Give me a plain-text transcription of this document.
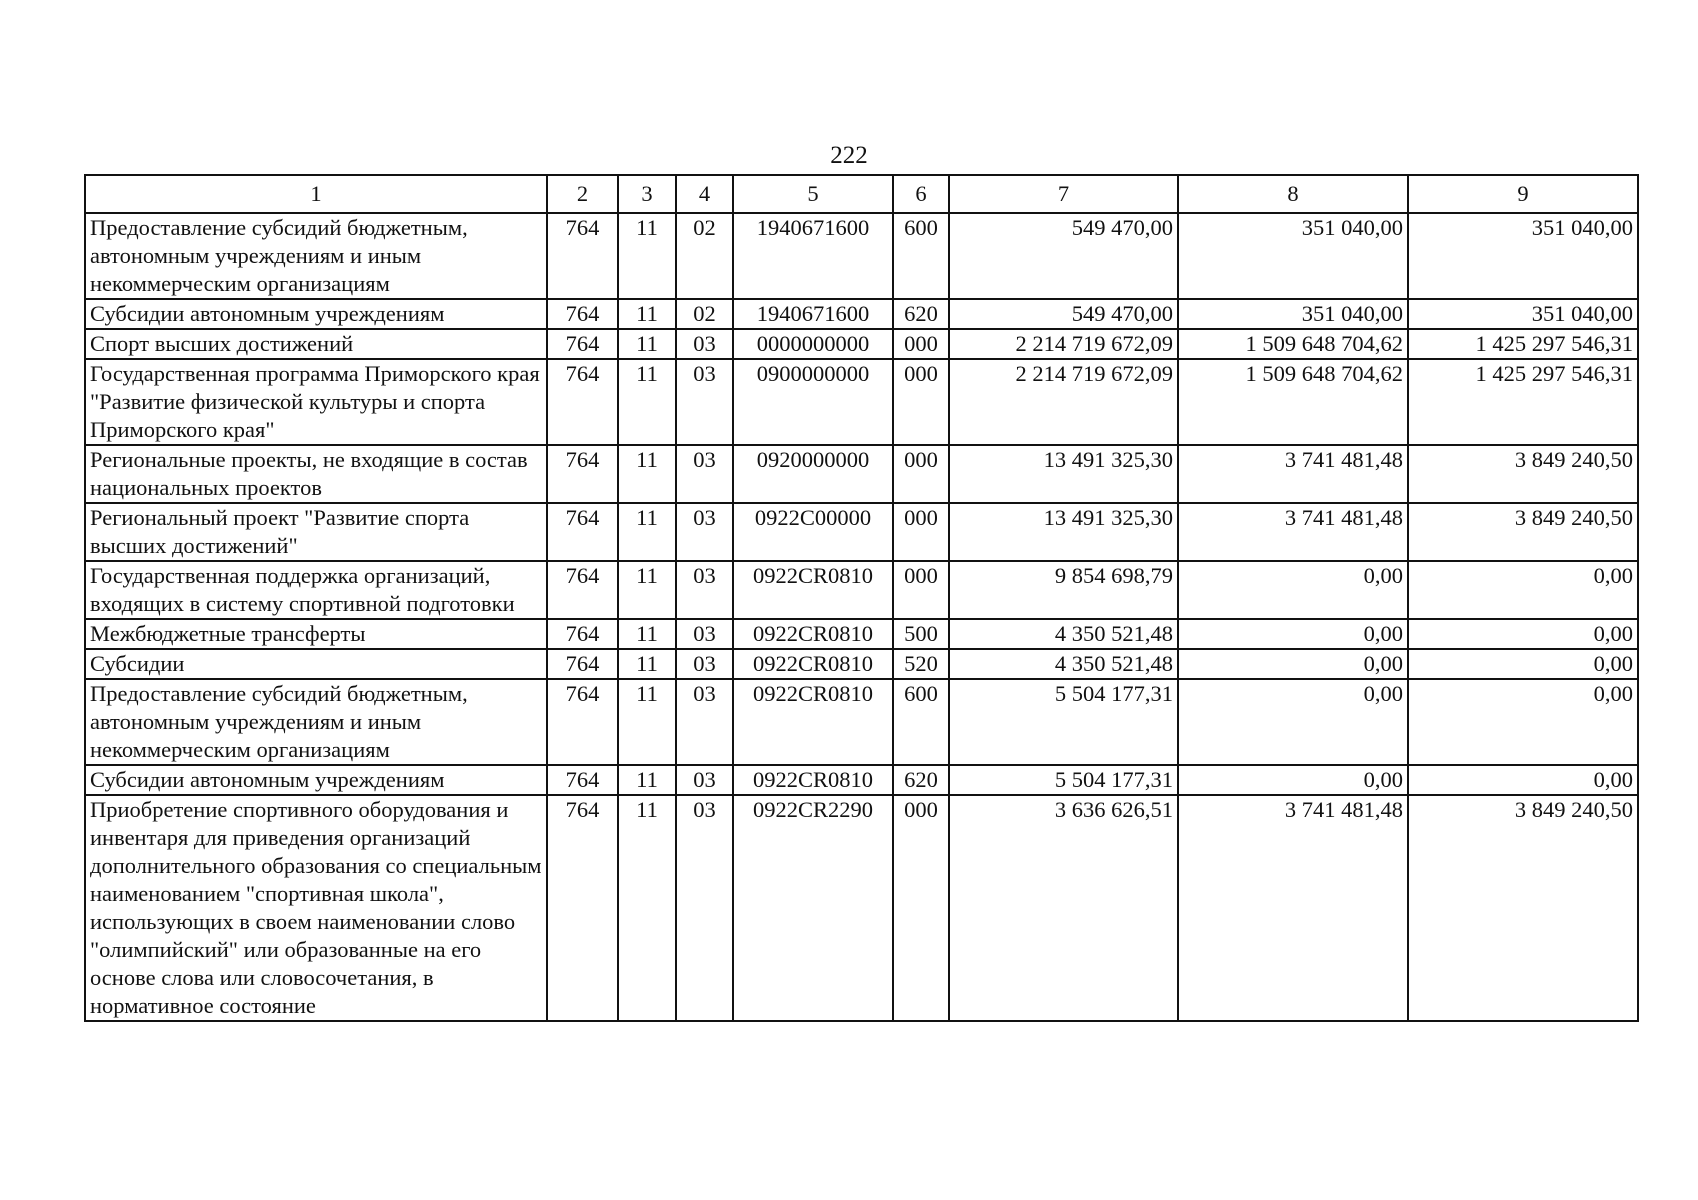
222
1	2	3	4	5	6	7	8	9
Предоставление субсидий бюджетным, автономным учреждениям и иным некоммерческим организациям	764	11	02	1940671600	600	549 470,00	351 040,00	351 040,00
Субсидии автономным учреждениям	764	11	02	1940671600	620	549 470,00	351 040,00	351 040,00
Спорт высших достижений	764	11	03	0000000000	000	2 214 719 672,09	1 509 648 704,62	1 425 297 546,31
Государственная программа Приморского края "Развитие физической культуры и спорта Приморского края"	764	11	03	0900000000	000	2 214 719 672,09	1 509 648 704,62	1 425 297 546,31
Региональные проекты, не входящие в состав национальных проектов	764	11	03	0920000000	000	13 491 325,30	3 741 481,48	3 849 240,50
Региональный проект "Развитие спорта высших достижений"	764	11	03	0922C00000	000	13 491 325,30	3 741 481,48	3 849 240,50
Государственная поддержка организаций, входящих в систему спортивной подготовки	764	11	03	0922CR0810	000	9 854 698,79	0,00	0,00
Межбюджетные трансферты	764	11	03	0922CR0810	500	4 350 521,48	0,00	0,00
Субсидии	764	11	03	0922CR0810	520	4 350 521,48	0,00	0,00
Предоставление субсидий бюджетным, автономным учреждениям и иным некоммерческим организациям	764	11	03	0922CR0810	600	5 504 177,31	0,00	0,00
Субсидии автономным учреждениям	764	11	03	0922CR0810	620	5 504 177,31	0,00	0,00
Приобретение спортивного оборудования и инвентаря для приведения организаций дополнительного образования со специальным наименованием "спортивная школа", использующих в своем наименовании слово "олимпийский" или образованные на его основе слова или словосочетания, в нормативное состояние	764	11	03	0922CR2290	000	3 636 626,51	3 741 481,48	3 849 240,50
